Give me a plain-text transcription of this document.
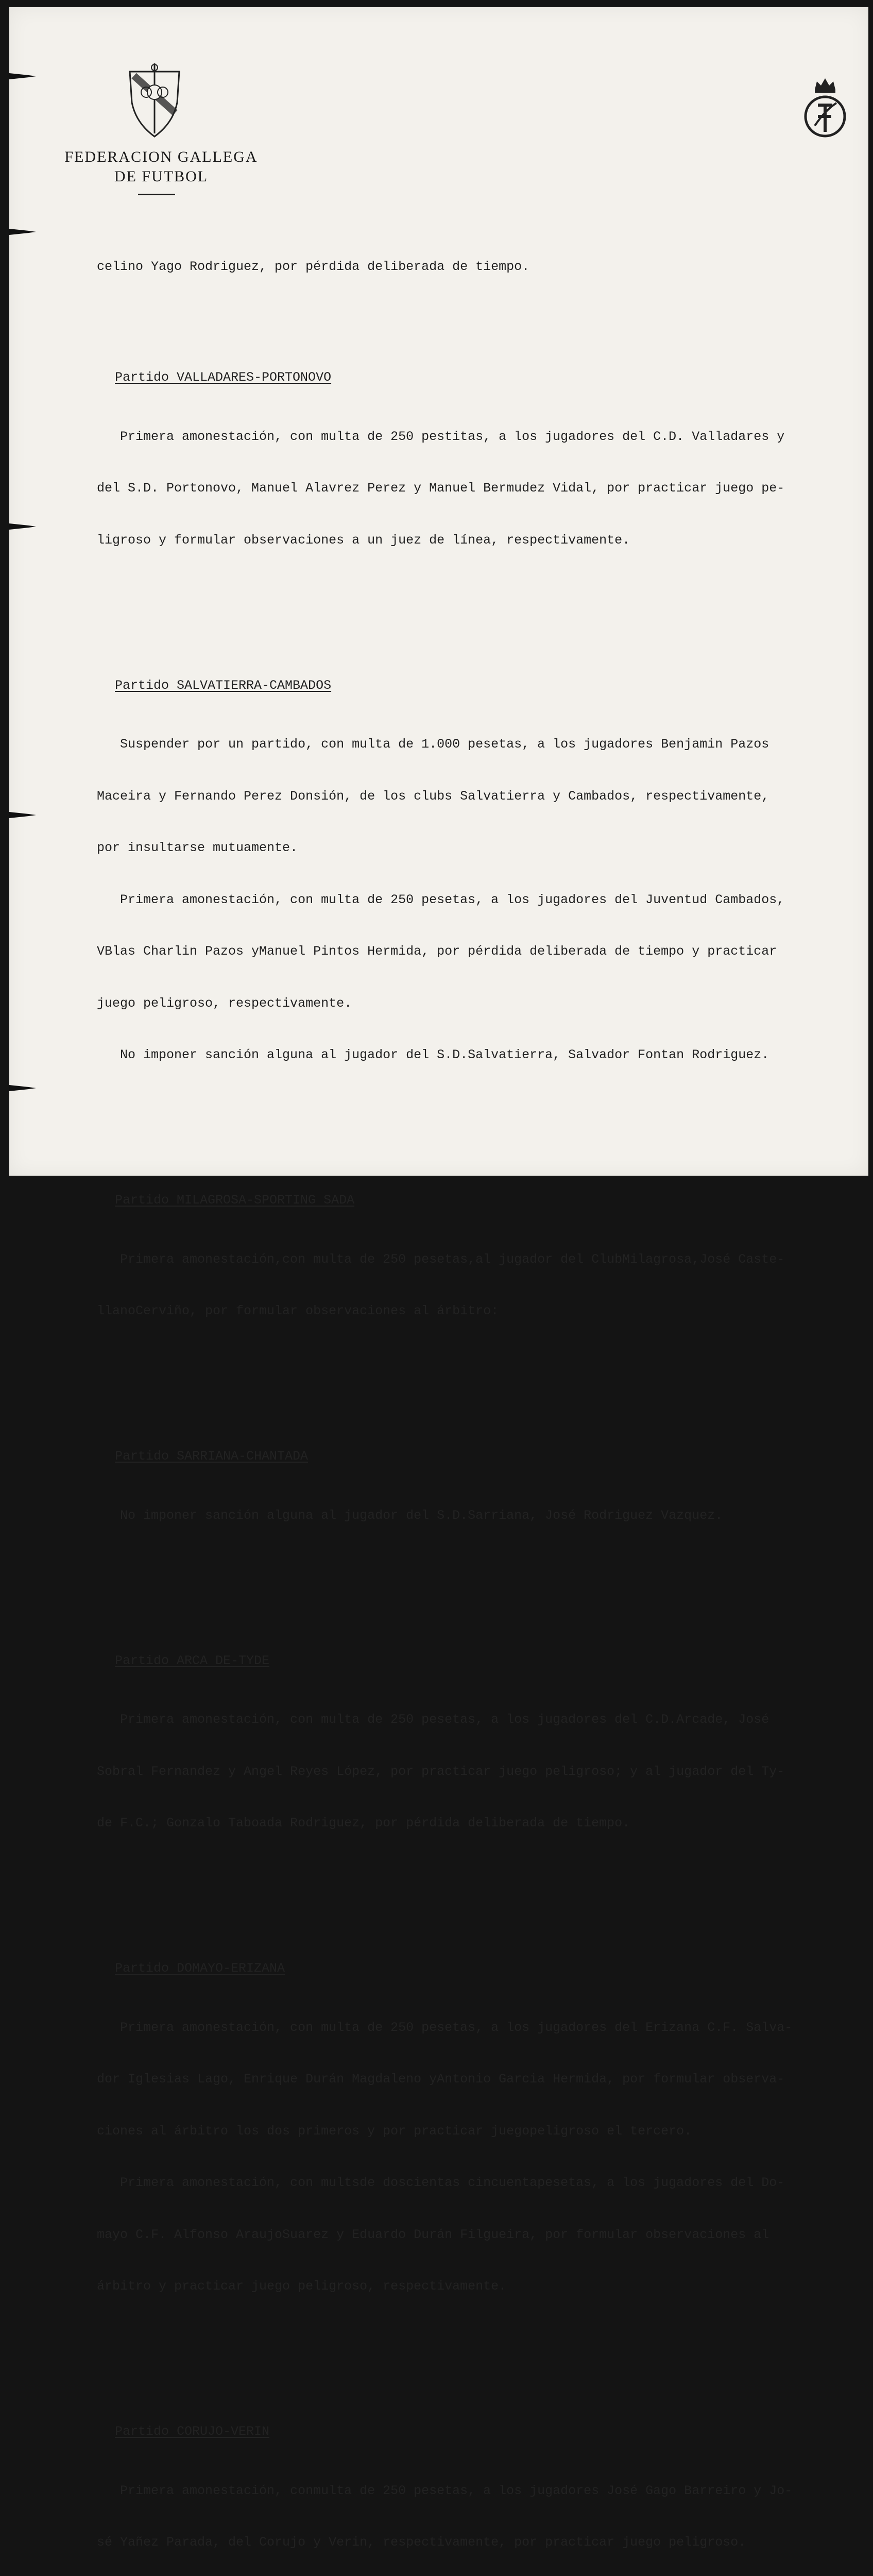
FEDERACION GALLEGA
DE FUTBOL

celino Yago Rodriguez, por pérdida deliberada de tiempo.

Partido VALLADARES-PORTONOVO

Primera amonestación, con multa de 250 pestitas, a los jugadores del C.D. Valladares y

del S.D. Portonovo, Manuel Alavrez Perez y Manuel Bermudez Vidal, por practicar juego pe-

ligroso y formular observaciones a un juez de línea, respectivamente.

Partido SALVATIERRA-CAMBADOS

Suspender por un partido, con multa de 1.000 pesetas, a los jugadores Benjamin Pazos

Maceira y Fernando Perez Donsión, de los clubs Salvatierra y Cambados, respectivamente,

por insultarse mutuamente.

Primera amonestación, con multa de 250 pesetas, a los jugadores del Juventud Cambados,

VBlas Charlin Pazos yManuel Pintos Hermida, por pérdida deliberada de tiempo y practicar

juego peligroso, respectivamente.

No imponer sanción alguna al jugador del S.D.Salvatierra, Salvador Fontan Rodriguez.

Partido MILAGROSA-SPORTING SADA

Primera amonestación,con multa de 250 pesetas,al jugador del ClubMilagrosa,José Caste-

llanoCerviño, por formular observaciones al árbitro:

Partido SARRIANA-CHANTADA

No imponer sanción alguna al jugador del S.D.Sarriana, José Rodriguez Vazquez.

Partido ARCA DE-TYDE

Primera amonestación, con multa de 250 pesetas, a los jugadores del C.D.Arcade, José

Sobral Fernandez y Angel Reyes López, por practicar juego peligroso; y al jugador del Ty-

de F.C.; Gonzalo Taboada Rodriguez, por pérdida deliberada de tiempo.

Partido DOMAYO-ERIZANA

Primera amonestación, con multa de 250 pesetas, a los jugadores del Erizana C.F. Salva-

dor Iglesias Lago, Enrique Durán Magdaleno yAntonio Garcia Hermida, por formular observa-

ciones al árbitro los dos primeros y por practicar juegopeligroso el tercero.

Primera amonestación, con multsde doscientas cincuentapesetas, a los jugadores del Do-

mayo C.F. Alfonso AraujoSuarez y Eduardo Durán Filgueira, por formular observaciones al

árbitro y practicar juego peligroso, respectivamente.

Partido CORUJO-VERIN

Primera amonestación, conmulta de 250 pesetas, a los jugadores José Gago Barreiro y Jo-

sé Yañez Parada, del Corujo y Verin, respectivamente, por practicar juego peligroso.
